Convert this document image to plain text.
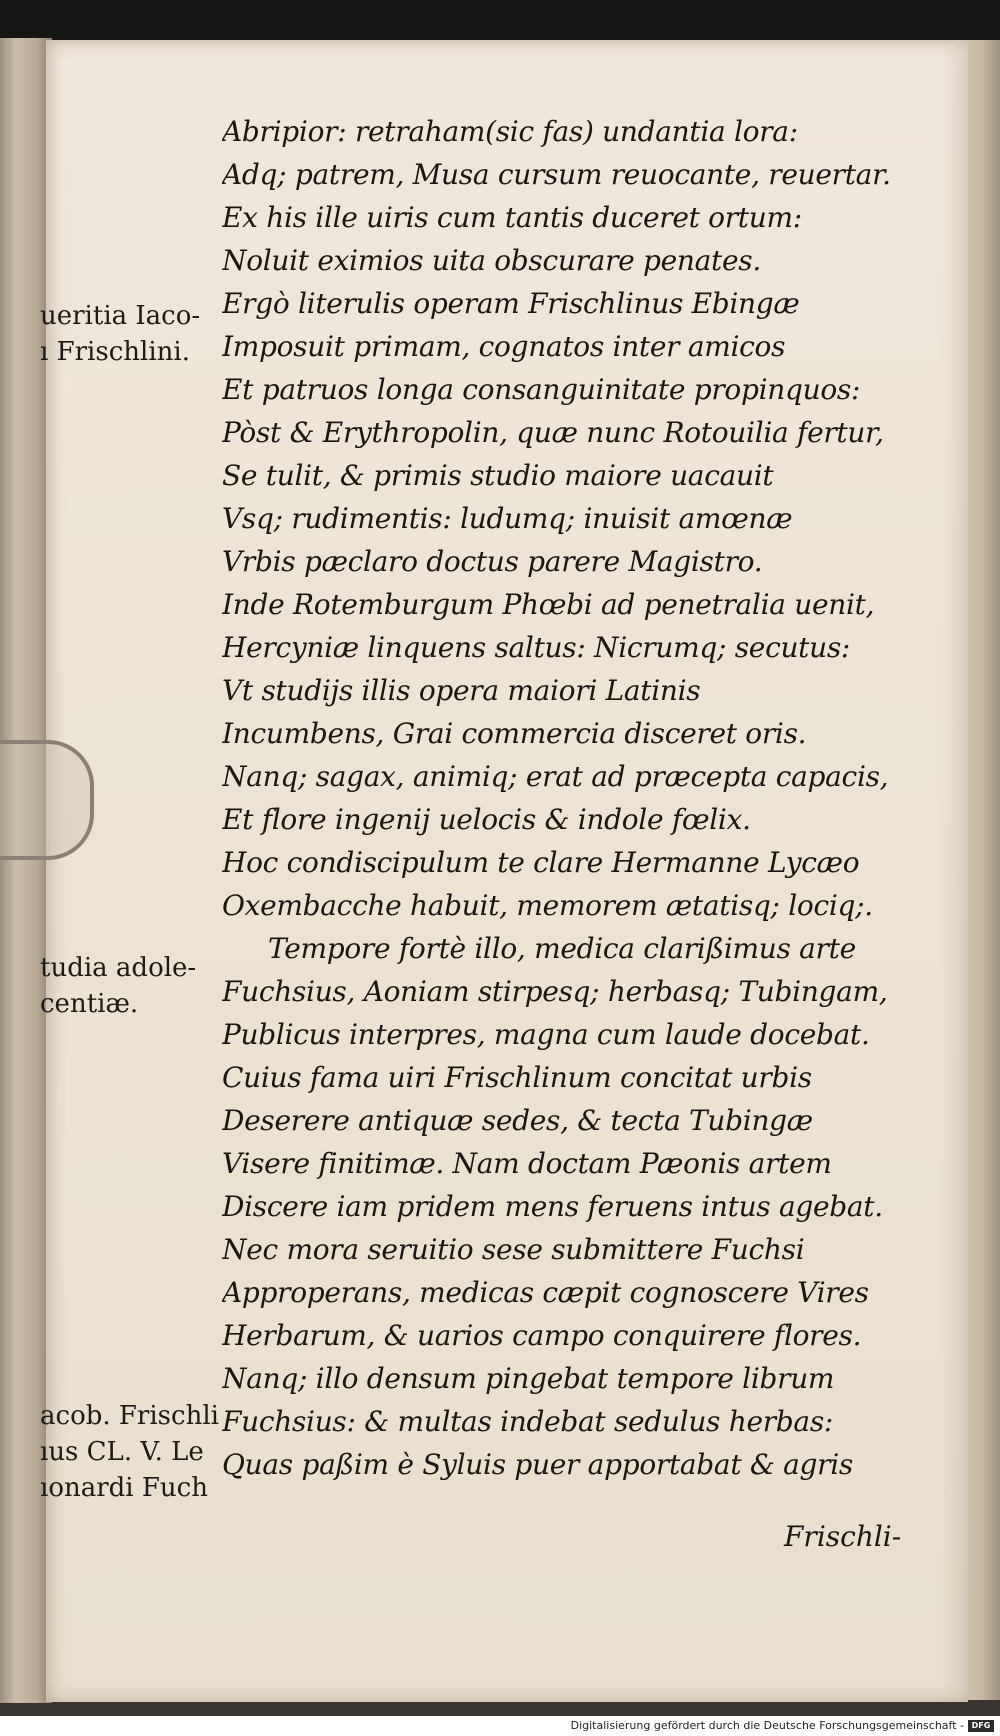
ueritia Iaco-
ı Frischlini.
tudia adole-
centiæ.
acob. Frischli
ıus CL. V. Le
ıonardi Fuch
Abripior: retraham(sic fas) undantia lora:
Adq; patrem, Musa cursum reuocante, reuertar.
Ex his ille uiris cum tantis duceret ortum:
Noluit eximios uita obscurare penates.
Ergò literulis operam Frischlinus Ebingæ
Imposuit primam, cognatos inter amicos
Et patruos longa consanguinitate propinquos:
Pòst & Erythropolin, quæ nunc Rotouilia fertur,
Se tulit, & primis studio maiore uacauit
Vsq; rudimentis: ludumq; inuisit amœnæ
Vrbis pæclaro doctus parere Magistro.
Inde Rotemburgum Phœbi ad penetralia uenit,
Hercyniæ linquens saltus: Nicrumq; secutus:
Vt studijs illis opera maiori Latinis
Incumbens, Grai commercia disceret oris.
Nanq; sagax, animiq; erat ad præcepta capacis,
Et flore ingenij uelocis & indole fœlix.
Hoc condiscipulum te clare Hermanne Lycæo
Oxembacche habuit, memorem ætatisq; lociq;.
Tempore fortè illo, medica clarißimus arte
Fuchsius, Aoniam stirpesq; herbasq; Tubingam,
Publicus interpres, magna cum laude docebat.
Cuius fama uiri Frischlinum concitat urbis
Deserere antiquæ sedes, & tecta Tubingæ
Visere finitimæ. Nam doctam Pæonis artem
Discere iam pridem mens feruens intus agebat.
Nec mora seruitio sese submittere Fuchsi
Approperans, medicas cæpit cognoscere Vires
Herbarum, & uarios campo conquirere flores.
Nanq; illo densum pingebat tempore librum
Fuchsius: & multas indebat sedulus herbas:
Quas paßim è Syluis puer apportabat & agris
Frischli-
Digitalisierung gefördert durch die Deutsche Forschungsgemeinschaft - DFG
